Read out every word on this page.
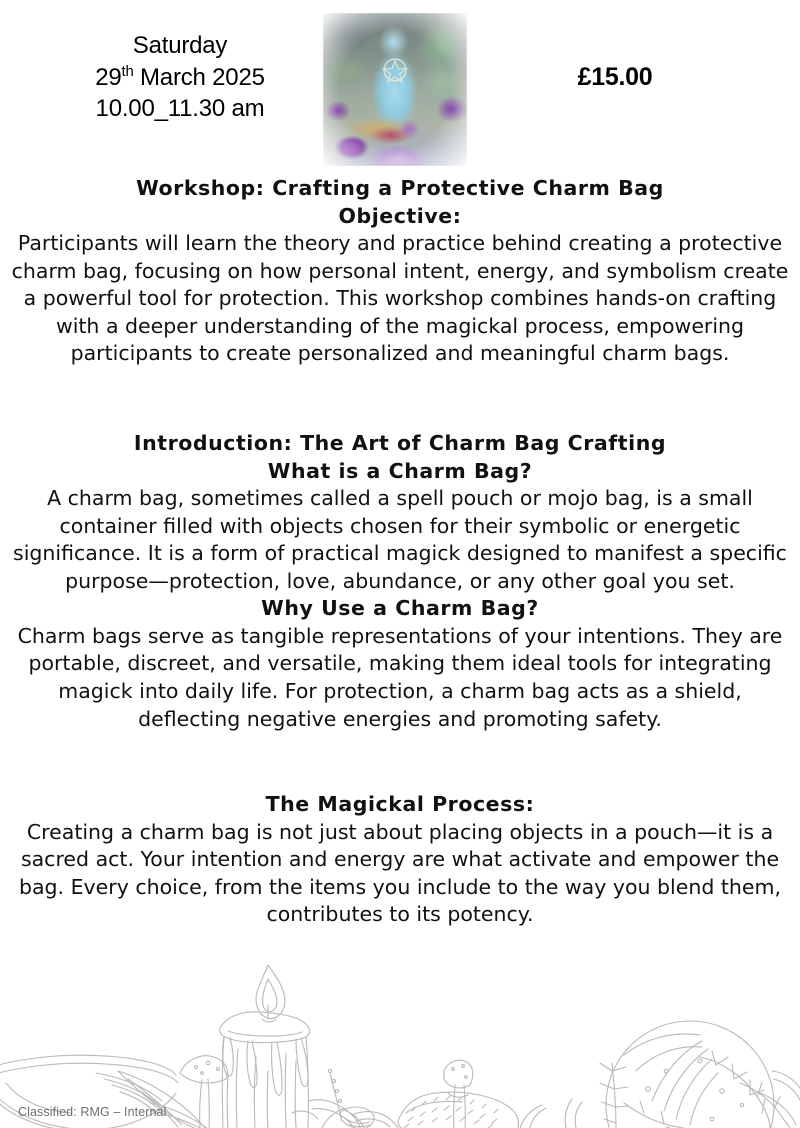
Saturday
29th March 2025
10.00_11.30 am
£15.00

Workshop: Crafting a Protective Charm Bag

Objective:

Participants will learn the theory and practice behind creating a protective charm bag, focusing on how personal intent, energy, and symbolism create a powerful tool for protection. This workshop combines hands-on crafting with a deeper understanding of the magickal process, empowering participants to create personalized and meaningful charm bags.

Introduction: The Art of Charm Bag Crafting

What is a Charm Bag?

A charm bag, sometimes called a spell pouch or mojo bag, is a small container filled with objects chosen for their symbolic or energetic significance. It is a form of practical magick designed to manifest a specific purpose—protection, love, abundance, or any other goal you set.

Why Use a Charm Bag?

Charm bags serve as tangible representations of your intentions. They are portable, discreet, and versatile, making them ideal tools for integrating magick into daily life. For protection, a charm bag acts as a shield, deflecting negative energies and promoting safety.

The Magickal Process:

Creating a charm bag is not just about placing objects in a pouch—it is a sacred act. Your intention and energy are what activate and empower the bag. Every choice, from the items you include to the way you blend them, contributes to its potency.

Classified: RMG – Internal
